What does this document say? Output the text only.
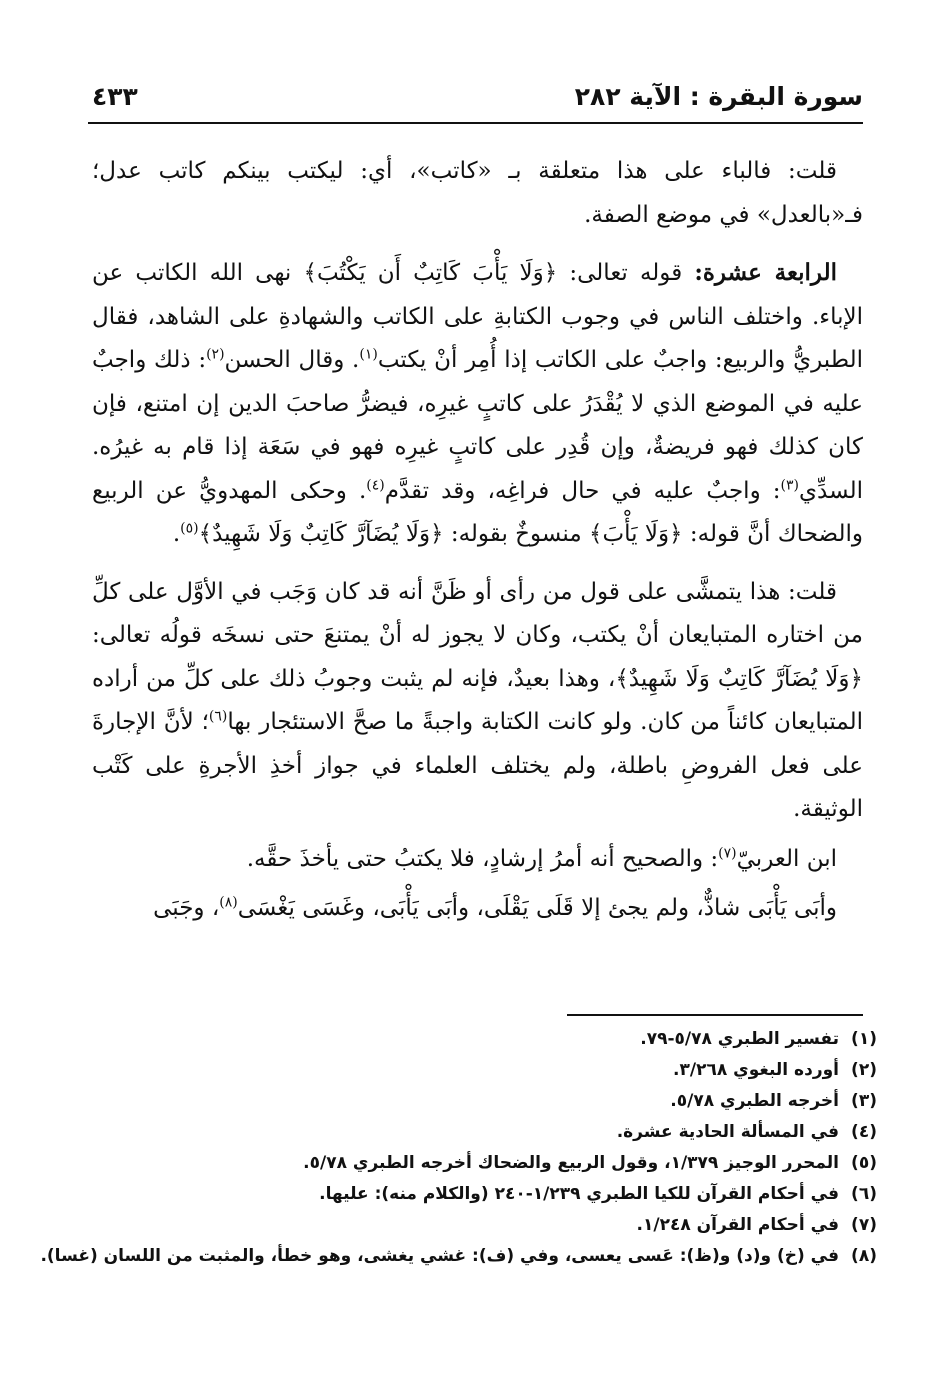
سورة البقرة : الآية ٢٨٢
٤٣٣

قلت: فالباء على هذا متعلقة بـ «كاتب»، أي: ليكتب بينكم كاتب عدل؛ فـ«بالعدل» في موضع الصفة.

الرابعة عشرة: قوله تعالى: ﴿وَلَا يَأْبَ كَاتِبٌ أَن يَكْتُبَ﴾ نهى الله الكاتب عن الإباء. واختلف الناس في وجوب الكتابةِ على الكاتب والشهادةِ على الشاهد، فقال الطبريُّ والربيع: واجبٌ على الكاتب إذا أُمِر أنْ يكتب$^{(١)}$. وقال الحسن$^{(٢)}$: ذلك واجبٌ عليه في الموضع الذي لا يُقْدَرُ على كاتبٍ غيرِه، فيضرُّ صاحبَ الدين إن امتنع، فإن كان كذلك فهو فريضةٌ، وإن قُدِر على كاتبٍ غيرِه فهو في سَعَة إذا قام به غيرُه. السدِّي$^{(٣)}$: واجبٌ عليه في حال فراغِه، وقد تقدَّم$^{(٤)}$. وحكى المهدويُّ عن الربيع والضحاك أنَّ قوله: ﴿وَلَا يَأْبَ﴾ منسوخٌ بقوله: ﴿وَلَا يُضَآرَّ كَاتِبٌ وَلَا شَهِيدٌ﴾$^{(٥)}$.

قلت: هذا يتمشَّى على قول من رأى أو ظَنَّ أنه قد كان وَجَب في الأوَّل على كلِّ من اختاره المتبايعان أنْ يكتب، وكان لا يجوز له أنْ يمتنعَ حتى نسخَه قولُه تعالى: ﴿وَلَا يُضَآرَّ كَاتِبٌ وَلَا شَهِيدٌ﴾، وهذا بعيدٌ، فإنه لم يثبت وجوبُ ذلك على كلِّ من أراده المتبايعان كائناً من كان. ولو كانت الكتابة واجبةً ما صحَّ الاستئجار بها$^{(٦)}$؛ لأنَّ الإجارةَ على فعل الفروضِ باطلة، ولم يختلف العلماء في جواز أخذِ الأجرةِ على كَتْب الوثيقة.

ابن العربيّ$^{(٧)}$: والصحيح أنه أمرُ إرشادٍ، فلا يكتبُ حتى يأخذَ حقَّه.

وأبَى يَأْبَى شاذٌّ، ولم يجئ إلا قَلَى يَقْلَى، وأبَى يَأْبَى، وغَسَى يَغْسَى$^{(٨)}$، وجَبَى

(١)
تفسير الطبري ٥/٧٨-٧٩.
(٢)
أورده البغوي ٣/٢٦٨.
(٣)
أخرجه الطبري ٥/٧٨.
(٤)
في المسألة الحادية عشرة.
(٥)
المحرر الوجيز ١/٣٧٩، وقول الربيع والضحاك أخرجه الطبري ٥/٧٨.
(٦)
في أحكام القرآن للكيا الطبري ١/٢٣٩-٢٤٠ (والكلام منه): عليها.
(٧)
في أحكام القرآن ١/٢٤٨.
(٨)
في (خ) و(د) و(ظ): عَسى يعسى، وفي (ف): غشي يغشى، وهو خطأ، والمثبت من اللسان (غسا).
